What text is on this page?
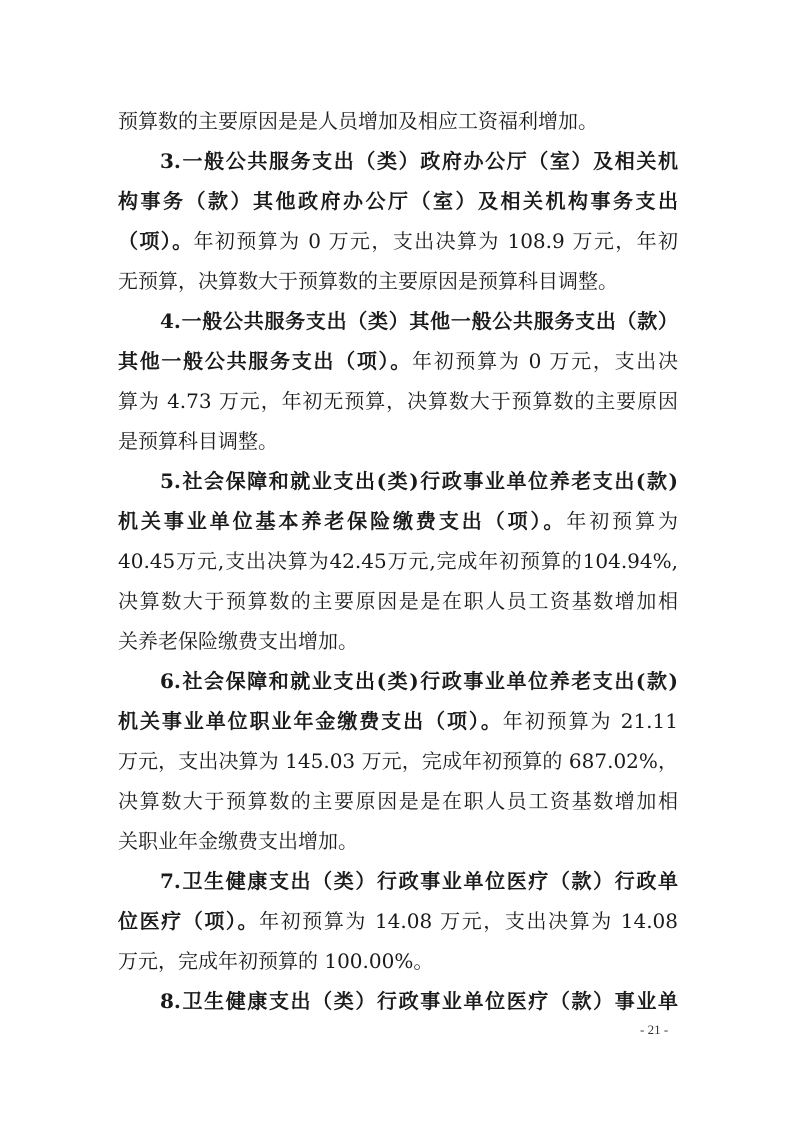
预算数的主要原因是是人员增加及相应工资福利增加。
3.一般公共服务支出（类）政府办公厅（室）及相关机
构事务（款）其他政府办公厅（室）及相关机构事务支出
（项）。年初预算为 0 万元，支出决算为 108.9 万元，年初
无预算，决算数大于预算数的主要原因是预算科目调整。
4.一般公共服务支出（类）其他一般公共服务支出（款）
其他一般公共服务支出（项）。年初预算为 0 万元，支出决
算为 4.73 万元，年初无预算，决算数大于预算数的主要原因
是预算科目调整。
5.社会保障和就业支出(类)行政事业单位养老支出(款)
机关事业单位基本养老保险缴费支出（项）。年初预算为
40.45万元,支出决算为42.45万元,完成年初预算的104.94%,
决算数大于预算数的主要原因是是在职人员工资基数增加相
关养老保险缴费支出增加。
6.社会保障和就业支出(类)行政事业单位养老支出(款)
机关事业单位职业年金缴费支出（项）。年初预算为 21.11
万元，支出决算为 145.03 万元，完成年初预算的 687.02%，
决算数大于预算数的主要原因是是在职人员工资基数增加相
关职业年金缴费支出增加。
7.卫生健康支出（类）行政事业单位医疗（款）行政单
位医疗（项）。年初预算为 14.08 万元，支出决算为 14.08
万元，完成年初预算的 100.00%。
8.卫生健康支出（类）行政事业单位医疗（款）事业单
- 21 -
